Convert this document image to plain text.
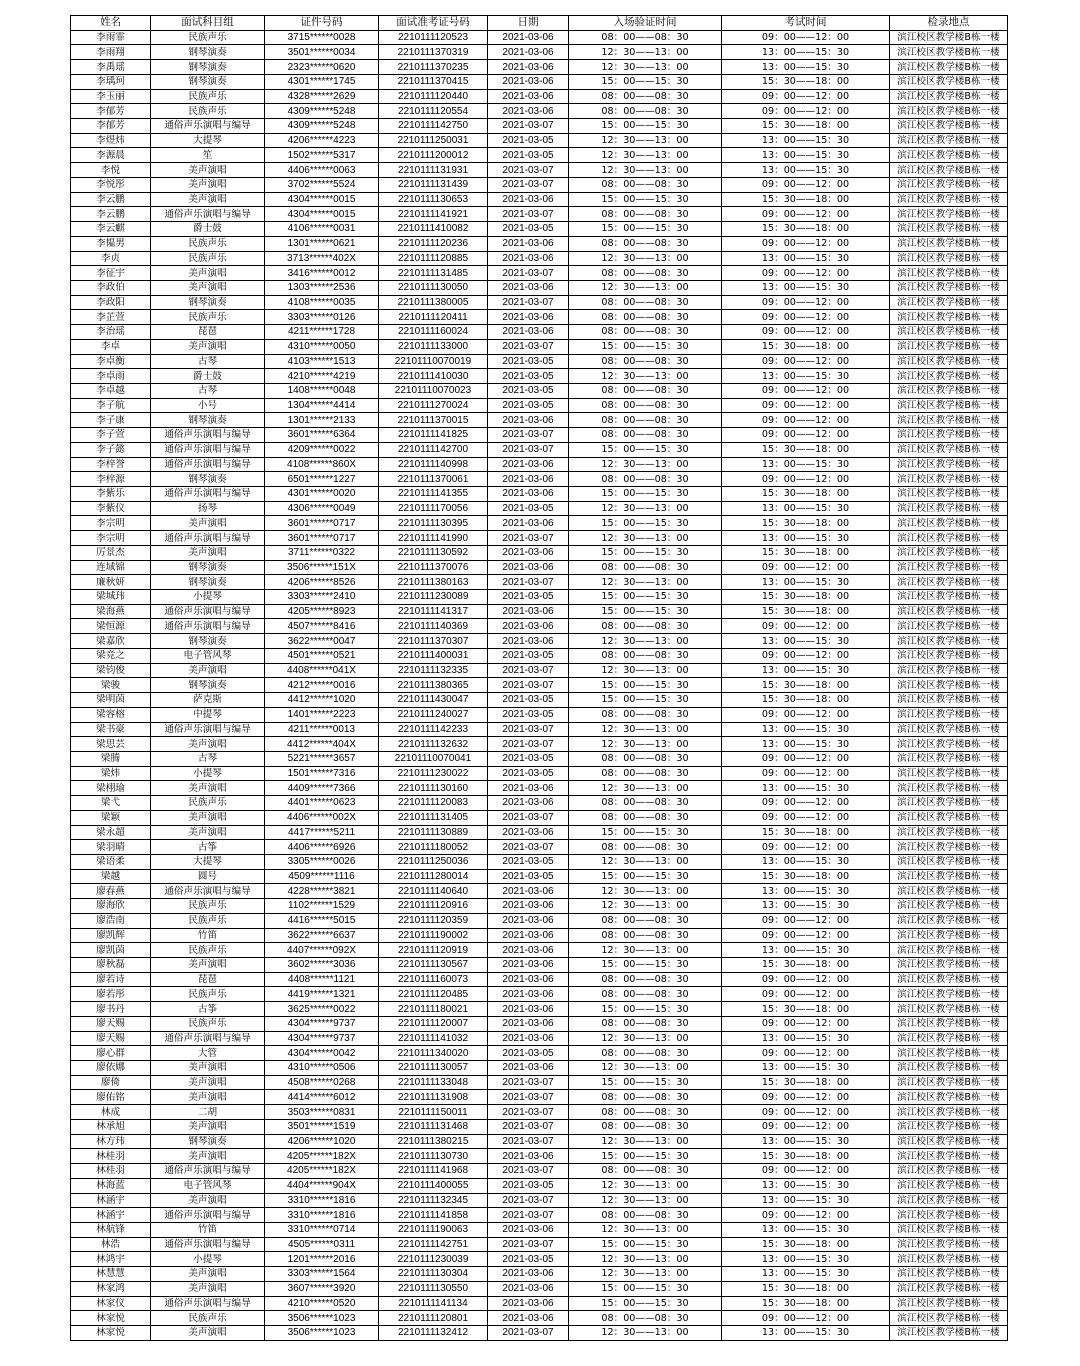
姓名	面试科目组	证件号码	面试准考证号码	日期	入场验证时间	考试时间	检录地点
李雨霏	民族声乐	3715******0028	2210111120523	2021-03-06	08：00——08：30	09：00——12：00	滨江校区教学楼B栋一楼
李雨翔	钢琴演奏	3501******0034	2210111370319	2021-03-06	12：30——13：00	13：00——15：30	滨江校区教学楼B栋一楼
李禹瑶	钢琴演奏	2323******0620	2210111370235	2021-03-06	12：30——13：00	13：00——15：30	滨江校区教学楼B栋一楼
李瑀珂	钢琴演奏	4301******1745	2210111370415	2021-03-06	15：00——15：30	15：30——18：00	滨江校区教学楼B栋一楼
李玉丽	民族声乐	4328******2629	2210111120440	2021-03-06	08：00——08：30	09：00——12：00	滨江校区教学楼B栋一楼
李郁芳	民族声乐	4309******5248	2210111120554	2021-03-06	08：00——08：30	09：00——12：00	滨江校区教学楼B栋一楼
李郁芳	通俗声乐演唱与编导	4309******5248	2210111142750	2021-03-07	15：00——15：30	15：30——18：00	滨江校区教学楼B栋一楼
李煜炜	大提琴	4206******4223	2210111250031	2021-03-05	12：30——13：00	13：00——15：30	滨江校区教学楼B栋一楼
李源晨	笙	1502******5317	2210111200012	2021-03-05	12：30——13：00	13：00——15：30	滨江校区教学楼B栋一楼
李悦	美声演唱	4406******0063	2210111131931	2021-03-07	12：30——13：00	13：00——15：30	滨江校区教学楼B栋一楼
李悦彤	美声演唱	3702******5524	2210111131439	2021-03-07	08：00——08：30	09：00——12：00	滨江校区教学楼B栋一楼
李云鹏	美声演唱	4304******0015	2210111130653	2021-03-06	15：00——15：30	15：30——18：00	滨江校区教学楼B栋一楼
李云鹏	通俗声乐演唱与编导	4304******0015	2210111141921	2021-03-07	08：00——08：30	09：00——12：00	滨江校区教学楼B栋一楼
李云麒	爵士鼓	4106******0031	2210111410082	2021-03-05	15：00——15：30	15：30——18：00	滨江校区教学楼B栋一楼
李韫男	民族声乐	1301******0621	2210111120236	2021-03-06	08：00——08：30	09：00——12：00	滨江校区教学楼B栋一楼
李贞	民族声乐	3713******402X	2210111120885	2021-03-06	12：30——13：00	13：00——15：30	滨江校区教学楼B栋一楼
李征宇	美声演唱	3416******0012	2210111131485	2021-03-07	08：00——08：30	09：00——12：00	滨江校区教学楼B栋一楼
李政伯	美声演唱	1303******2536	2210111130050	2021-03-06	12：30——13：00	13：00——15：30	滨江校区教学楼B栋一楼
李政阳	钢琴演奏	4108******0035	2210111380005	2021-03-07	08：00——08：30	09：00——12：00	滨江校区教学楼B栋一楼
李芷萱	民族声乐	3303******0126	2210111120411	2021-03-06	08：00——08：30	09：00——12：00	滨江校区教学楼B栋一楼
李治瑶	琵琶	4211******1728	2210111160024	2021-03-06	08：00——08：30	09：00——12：00	滨江校区教学楼B栋一楼
李卓	美声演唱	4310******0050	2210111133000	2021-03-07	15：00——15：30	15：30——18：00	滨江校区教学楼B栋一楼
李卓衡	古琴	4103******1513	22101110070019	2021-03-05	08：00——08：30	09：00——12：00	滨江校区教学楼B栋一楼
李卓雨	爵士鼓	4210******4219	2210111410030	2021-03-05	12：30——13：00	13：00——15：30	滨江校区教学楼B栋一楼
李卓越	古琴	1408******0048	22101110070023	2021-03-05	08：00——08：30	09：00——12：00	滨江校区教学楼B栋一楼
李子航	小号	1304******4414	2210111270024	2021-03-05	08：00——08：30	09：00——12：00	滨江校区教学楼B栋一楼
李子康	钢琴演奏	1301******2133	2210111370015	2021-03-06	08：00——08：30	09：00——12：00	滨江校区教学楼B栋一楼
李子萱	通俗声乐演唱与编导	3601******6364	2210111141825	2021-03-07	08：00——08：30	09：00——12：00	滨江校区教学楼B栋一楼
李子懿	通俗声乐演唱与编导	4209******0022	2210111142700	2021-03-07	15：00——15：30	15：30——18：00	滨江校区教学楼B栋一楼
李梓誉	通俗声乐演唱与编导	4108******860X	2210111140998	2021-03-06	12：30——13：00	13：00——15：30	滨江校区教学楼B栋一楼
李梓源	钢琴演奏	6501******1227	2210111370061	2021-03-06	08：00——08：30	09：00——12：00	滨江校区教学楼B栋一楼
李紫乐	通俗声乐演唱与编导	4301******0020	2210111141355	2021-03-06	15：00——15：30	15：30——18：00	滨江校区教学楼B栋一楼
李紫仪	扬琴	4306******0049	2210111170056	2021-03-05	12：30——13：00	13：00——15：30	滨江校区教学楼B栋一楼
李宗明	美声演唱	3601******0717	2210111130395	2021-03-06	15：00——15：30	15：30——18：00	滨江校区教学楼B栋一楼
李宗明	通俗声乐演唱与编导	3601******0717	2210111141990	2021-03-07	12：30——13：00	13：00——15：30	滨江校区教学楼B栋一楼
厉景杰	美声演唱	3711******0322	2210111130592	2021-03-06	15：00——15：30	15：30——18：00	滨江校区教学楼B栋一楼
连域锦	钢琴演奏	3506******151X	2210111370076	2021-03-06	08：00——08：30	09：00——12：00	滨江校区教学楼B栋一楼
廉秋妍	钢琴演奏	4206******8526	2210111380163	2021-03-07	12：30——13：00	13：00——15：30	滨江校区教学楼B栋一楼
梁城玮	小提琴	3303******2410	2210111230089	2021-03-05	15：00——15：30	15：30——18：00	滨江校区教学楼B栋一楼
梁海燕	通俗声乐演唱与编导	4205******8923	2210111141317	2021-03-06	15：00——15：30	15：30——18：00	滨江校区教学楼B栋一楼
梁恒源	通俗声乐演唱与编导	4507******8416	2210111140369	2021-03-06	08：00——08：30	09：00——12：00	滨江校区教学楼B栋一楼
梁嘉欣	钢琴演奏	3622******0047	2210111370307	2021-03-06	12：30——13：00	13：00——15：30	滨江校区教学楼B栋一楼
梁竞之	电子管风琴	4501******0521	2210111400031	2021-03-05	08：00——08：30	09：00——12：00	滨江校区教学楼B栋一楼
梁钧俊	美声演唱	4408******041X	2210111132335	2021-03-07	12：30——13：00	13：00——15：30	滨江校区教学楼B栋一楼
梁骏	钢琴演奏	4212******0016	2210111380365	2021-03-07	15：00——15：30	15：30——18：00	滨江校区教学楼B栋一楼
梁明茵	萨克斯	4412******1020	2210111430047	2021-03-05	15：00——15：30	15：30——18：00	滨江校区教学楼B栋一楼
梁容榕	中提琴	1401******2223	2210111240027	2021-03-05	08：00——08：30	09：00——12：00	滨江校区教学楼B栋一楼
梁书豪	通俗声乐演唱与编导	4211******0013	2210111142233	2021-03-07	12：30——13：00	13：00——15：30	滨江校区教学楼B栋一楼
梁思芸	美声演唱	4412******404X	2210111132632	2021-03-07	12：30——13：00	13：00——15：30	滨江校区教学楼B栋一楼
梁腾	古琴	5221******3657	22101110070041	2021-03-05	08：00——08：30	09：00——12：00	滨江校区教学楼B栋一楼
梁炜	小提琴	1501******7316	2210111230022	2021-03-05	08：00——08：30	09：00——12：00	滨江校区教学楼B栋一楼
梁栩瑜	美声演唱	4409******7366	2210111130160	2021-03-06	12：30——13：00	13：00——15：30	滨江校区教学楼B栋一楼
梁弋	民族声乐	4401******0623	2210111120083	2021-03-06	08：00——08：30	09：00——12：00	滨江校区教学楼B栋一楼
梁颖	美声演唱	4406******002X	2210111131405	2021-03-07	08：00——08：30	09：00——12：00	滨江校区教学楼B栋一楼
梁永超	美声演唱	4417******5211	2210111130889	2021-03-06	15：00——15：30	15：30——18：00	滨江校区教学楼B栋一楼
梁羽晴	古筝	4406******6926	2210111180052	2021-03-07	08：00——08：30	09：00——12：00	滨江校区教学楼B栋一楼
梁语柔	大提琴	3305******0026	2210111250036	2021-03-05	12：30——13：00	13：00——15：30	滨江校区教学楼B栋一楼
梁越	圆号	4509******1116	2210111280014	2021-03-05	15：00——15：30	15：30——18：00	滨江校区教学楼B栋一楼
廖春燕	通俗声乐演唱与编导	4228******3821	2210111140640	2021-03-06	12：30——13：00	13：00——15：30	滨江校区教学楼B栋一楼
廖海欣	民族声乐	1102******1529	2210111120916	2021-03-06	12：30——13：00	13：00——15：30	滨江校区教学楼B栋一楼
廖浩南	民族声乐	4416******5015	2210111120359	2021-03-06	08：00——08：30	09：00——12：00	滨江校区教学楼B栋一楼
廖凯辉	竹笛	3622******6637	2210111190002	2021-03-06	08：00——08：30	09：00——12：00	滨江校区教学楼B栋一楼
廖凯茵	民族声乐	4407******092X	2210111120919	2021-03-06	12：30——13：00	13：00——15：30	滨江校区教学楼B栋一楼
廖秋磊	美声演唱	3602******3036	2210111130567	2021-03-06	15：00——15：30	15：30——18：00	滨江校区教学楼B栋一楼
廖若诗	琵琶	4408******1121	2210111160073	2021-03-06	08：00——08：30	09：00——12：00	滨江校区教学楼B栋一楼
廖若彤	民族声乐	4419******1321	2210111120485	2021-03-06	08：00——08：30	09：00——12：00	滨江校区教学楼B栋一楼
廖书丹	古筝	3625******0022	2210111180021	2021-03-06	15：00——15：30	15：30——18：00	滨江校区教学楼B栋一楼
廖天赐	民族声乐	4304******9737	2210111120007	2021-03-06	08：00——08：30	09：00——12：00	滨江校区教学楼B栋一楼
廖天赐	通俗声乐演唱与编导	4304******9737	2210111141032	2021-03-06	12：30——13：00	13：00——15：30	滨江校区教学楼B栋一楼
廖心群	大管	4304******0042	2210111340020	2021-03-05	08：00——08：30	09：00——12：00	滨江校区教学楼B栋一楼
廖依娜	美声演唱	4310******0506	2210111130057	2021-03-06	12：30——13：00	13：00——15：30	滨江校区教学楼B栋一楼
廖倚	美声演唱	4508******0268	2210111133048	2021-03-07	15：00——15：30	15：30——18：00	滨江校区教学楼B栋一楼
廖佑铭	美声演唱	4414******6012	2210111131908	2021-03-07	08：00——08：30	09：00——12：00	滨江校区教学楼B栋一楼
林成	二胡	3503******0831	2210111150011	2021-03-07	08：00——08：30	09：00——12：00	滨江校区教学楼B栋一楼
林承旭	美声演唱	3501******1519	2210111131468	2021-03-07	08：00——08：30	09：00——12：00	滨江校区教学楼B栋一楼
林方玮	钢琴演奏	4206******1020	2210111380215	2021-03-07	12：30——13：00	13：00——15：30	滨江校区教学楼B栋一楼
林桂羽	美声演唱	4205******182X	2210111130730	2021-03-06	15：00——15：30	15：30——18：00	滨江校区教学楼B栋一楼
林桂羽	通俗声乐演唱与编导	4205******182X	2210111141968	2021-03-07	08：00——08：30	09：00——12：00	滨江校区教学楼B栋一楼
林海蓝	电子管风琴	4404******904X	2210111400055	2021-03-05	12：30——13：00	13：00——15：30	滨江校区教学楼B栋一楼
林涵宇	美声演唱	3310******1816	2210111132345	2021-03-07	12：30——13：00	13：00——15：30	滨江校区教学楼B栋一楼
林涵宇	通俗声乐演唱与编导	3310******1816	2210111141858	2021-03-07	08：00——08：30	09：00——12：00	滨江校区教学楼B栋一楼
林航锋	竹笛	3310******0714	2210111190063	2021-03-06	12：30——13：00	13：00——15：30	滨江校区教学楼B栋一楼
林浩	通俗声乐演唱与编导	4505******0311	2210111142751	2021-03-07	15：00——15：30	15：30——18：00	滨江校区教学楼B栋一楼
林鸿宇	小提琴	1201******2016	2210111230039	2021-03-05	12：30——13：00	13：00——15：30	滨江校区教学楼B栋一楼
林慧慧	美声演唱	3303******1564	2210111130304	2021-03-06	12：30——13：00	13：00——15：30	滨江校区教学楼B栋一楼
林家鸿	美声演唱	3607******3920	2210111130550	2021-03-06	15：00——15：30	15：30——18：00	滨江校区教学楼B栋一楼
林家仪	通俗声乐演唱与编导	4210******0520	2210111141134	2021-03-06	15：00——15：30	15：30——18：00	滨江校区教学楼B栋一楼
林家悦	民族声乐	3506******1023	2210111120801	2021-03-06	08：00——08：30	09：00——12：00	滨江校区教学楼B栋一楼
林家悦	美声演唱	3506******1023	2210111132412	2021-03-07	12：30——13：00	13：00——15：30	滨江校区教学楼B栋一楼
